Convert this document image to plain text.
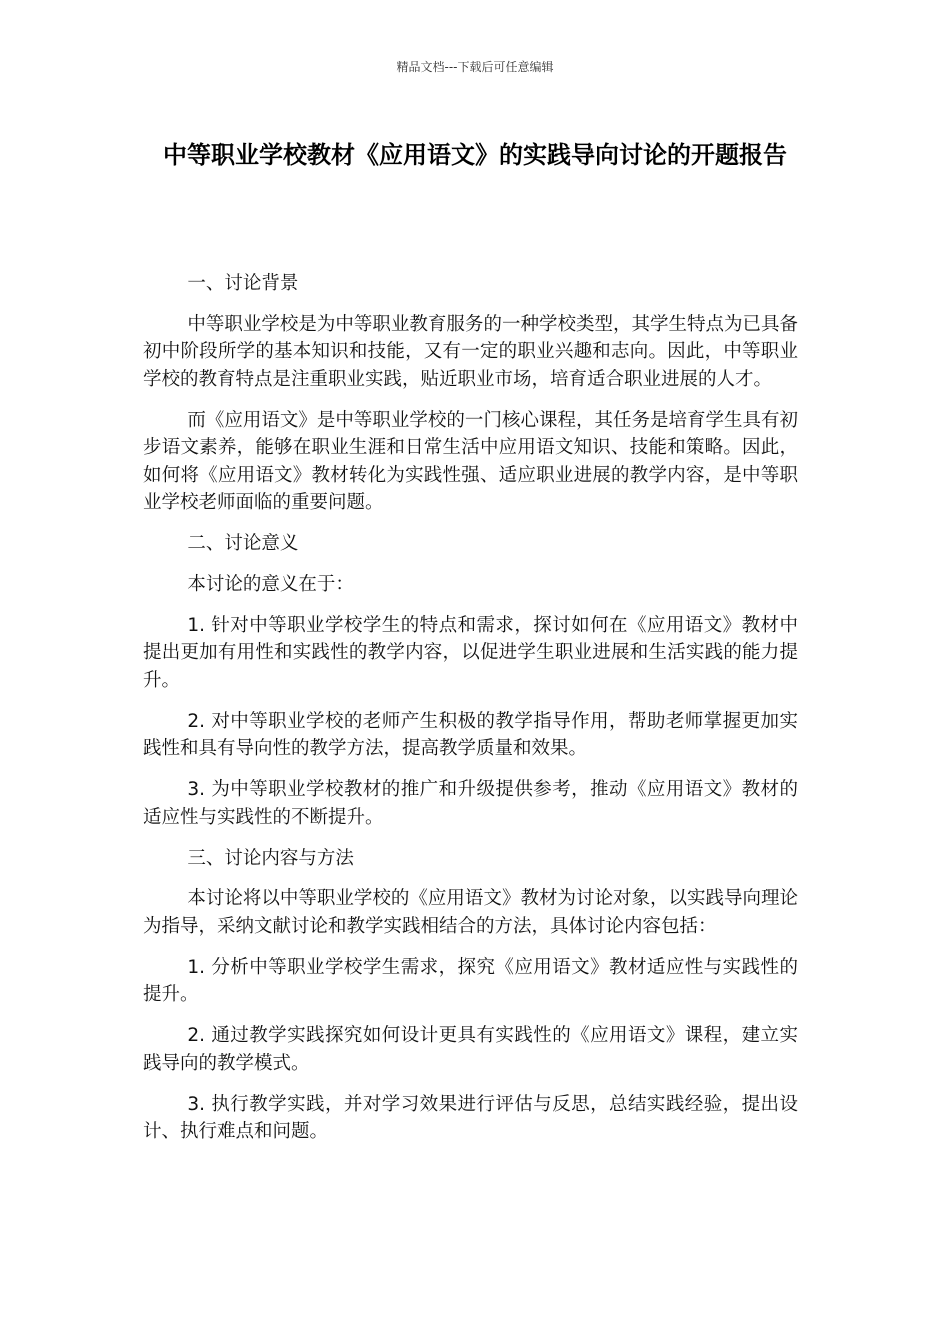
精品文档---下载后可任意编辑
中等职业学校教材《应用语文》的实践导向讨论的开题报告

一、讨论背景

中等职业学校是为中等职业教育服务的一种学校类型，其学生特点为已具备初中阶段所学的基本知识和技能，又有一定的职业兴趣和志向。因此，中等职业学校的教育特点是注重职业实践，贴近职业市场，培育适合职业进展的人才。

而《应用语文》是中等职业学校的一门核心课程，其任务是培育学生具有初步语文素养，能够在职业生涯和日常生活中应用语文知识、技能和策略。因此，如何将《应用语文》教材转化为实践性强、适应职业进展的教学内容，是中等职业学校老师面临的重要问题。

二、讨论意义

本讨论的意义在于：

1. 针对中等职业学校学生的特点和需求，探讨如何在《应用语文》教材中提出更加有用性和实践性的教学内容，以促进学生职业进展和生活实践的能力提升。

2. 对中等职业学校的老师产生积极的教学指导作用，帮助老师掌握更加实践性和具有导向性的教学方法，提高教学质量和效果。

3. 为中等职业学校教材的推广和升级提供参考，推动《应用语文》教材的适应性与实践性的不断提升。

三、讨论内容与方法

本讨论将以中等职业学校的《应用语文》教材为讨论对象，以实践导向理论为指导，采纳文献讨论和教学实践相结合的方法，具体讨论内容包括：

1. 分析中等职业学校学生需求，探究《应用语文》教材适应性与实践性的提升。

2. 通过教学实践探究如何设计更具有实践性的《应用语文》课程，建立实践导向的教学模式。

3. 执行教学实践，并对学习效果进行评估与反思，总结实践经验，提出设计、执行难点和问题。
